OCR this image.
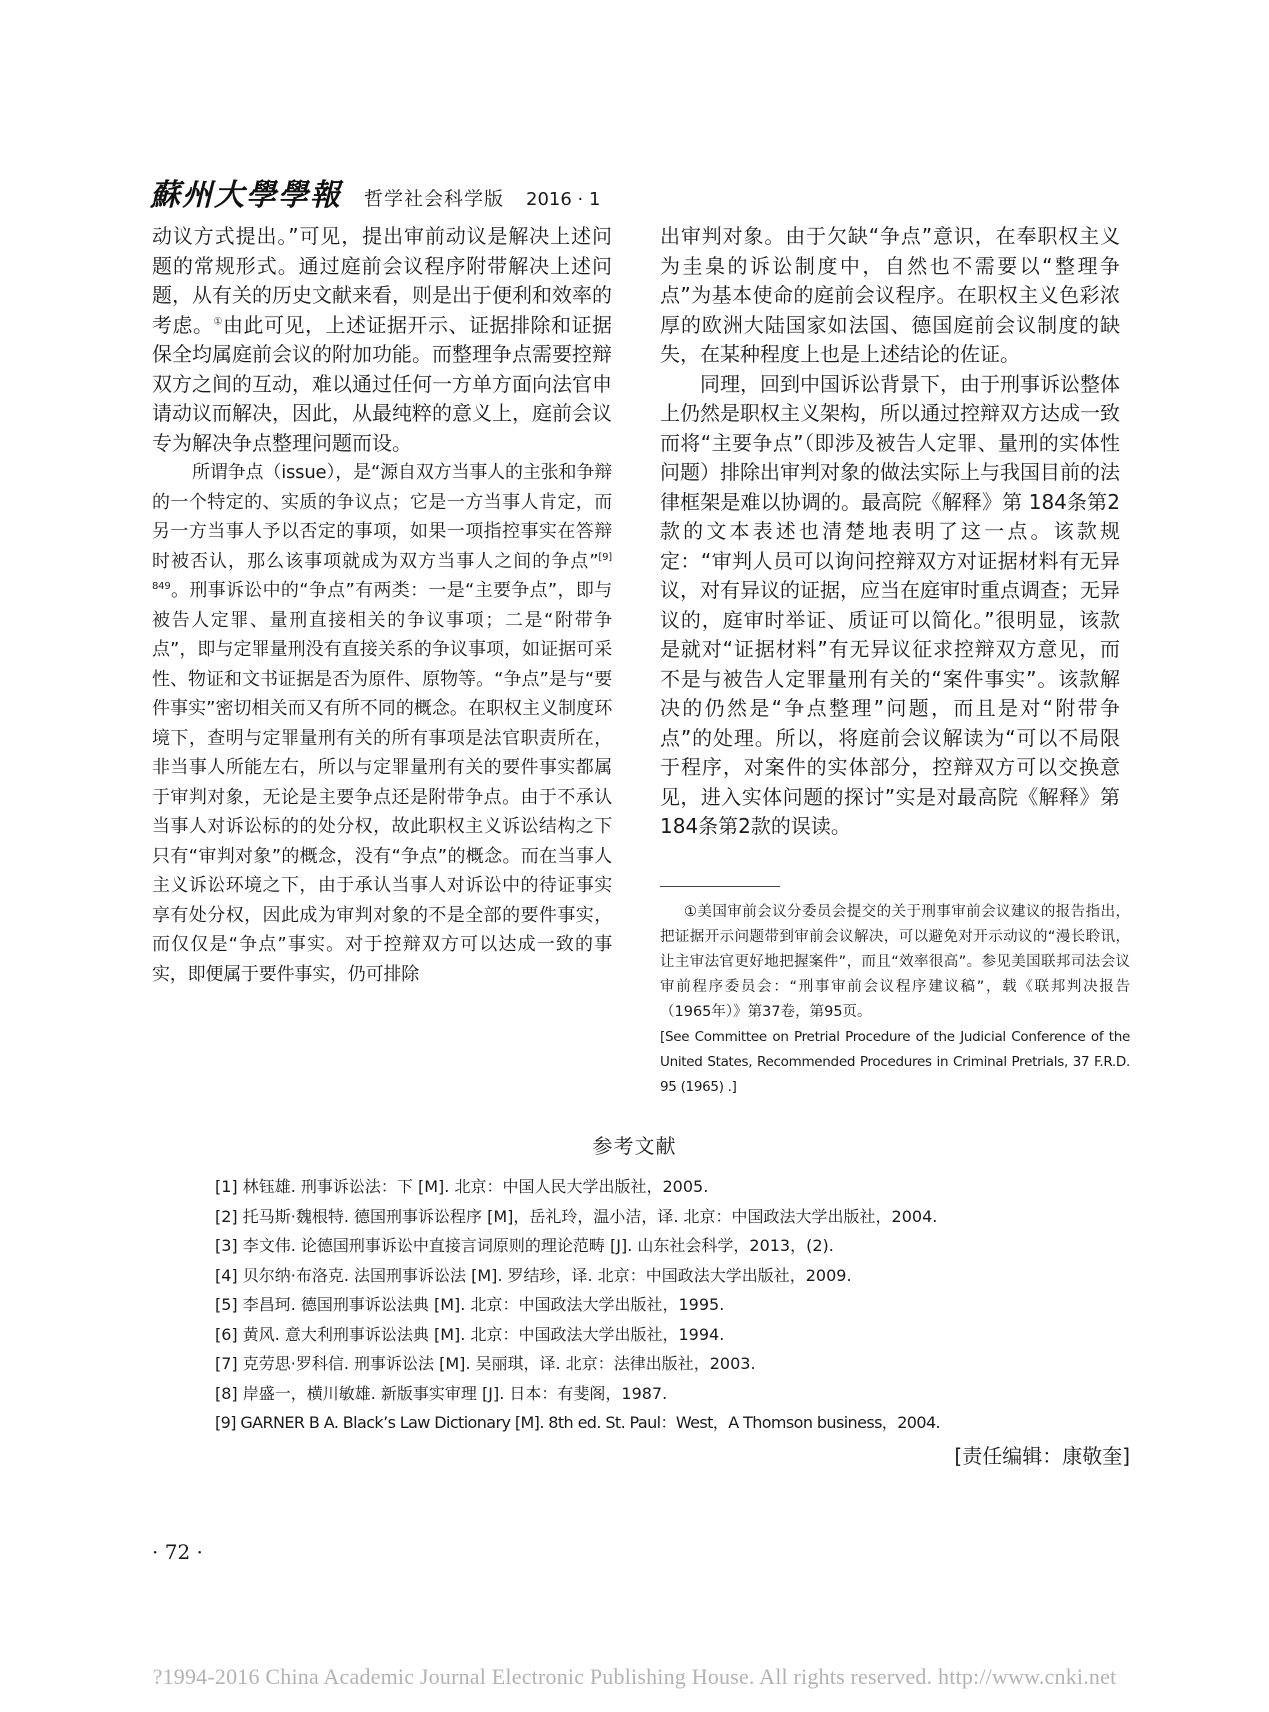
蘇州大學學報 哲学社会科学版 2016 · 1

动议方式提出。”可见，提出审前动议是解决上述问题的常规形式。通过庭前会议程序附带解决上述问题，从有关的历史文献来看，则是出于便利和效率的考虑。①由此可见，上述证据开示、证据排除和证据保全均属庭前会议的附加功能。而整理争点需要控辩双方之间的互动，难以通过任何一方单方面向法官申请动议而解决，因此，从最纯粹的意义上，庭前会议专为解决争点整理问题而设。

所谓争点（issue），是“源自双方当事人的主张和争辩的一个特定的、实质的争议点；它是一方当事人肯定，而另一方当事人予以否定的事项，如果一项指控事实在答辩时被否认，那么该事项就成为双方当事人之间的争点”$^{[9] 849}$。刑事诉讼中的“争点”有两类：一是“主要争点”，即与被告人定罪、量刑直接相关的争议事项；二是“附带争点”，即与定罪量刑没有直接关系的争议事项，如证据可采性、物证和文书证据是否为原件、原物等。“争点”是与“要件事实”密切相关而又有所不同的概念。在职权主义制度环境下，查明与定罪量刑有关的所有事项是法官职责所在，非当事人所能左右，所以与定罪量刑有关的要件事实都属于审判对象，无论是主要争点还是附带争点。由于不承认当事人对诉讼标的的处分权，故此职权主义诉讼结构之下只有“审判对象”的概念，没有“争点”的概念。而在当事人主义诉讼环境之下，由于承认当事人对诉讼中的待证事实享有处分权，因此成为审判对象的不是全部的要件事实，而仅仅是“争点”事实。对于控辩双方可以达成一致的事实，即便属于要件事实，仍可排除

出审判对象。由于欠缺“争点”意识，在奉职权主义为圭臬的诉讼制度中，自然也不需要以“整理争点”为基本使命的庭前会议程序。在职权主义色彩浓厚的欧洲大陆国家如法国、德国庭前会议制度的缺失，在某种程度上也是上述结论的佐证。

同理，回到中国诉讼背景下，由于刑事诉讼整体上仍然是职权主义架构，所以通过控辩双方达成一致而将“主要争点”（即涉及被告人定罪、量刑的实体性问题）排除出审判对象的做法实际上与我国目前的法律框架是难以协调的。最高院《解释》第 184条第2款的文本表述也清楚地表明了这一点。该款规定：“审判人员可以询问控辩双方对证据材料有无异议，对有异议的证据，应当在庭审时重点调查；无异议的，庭审时举证、质证可以简化。”很明显，该款是就对“证据材料”有无异议征求控辩双方意见，而不是与被告人定罪量刑有关的“案件事实”。该款解决的仍然是“争点整理”问题，而且是对“附带争点”的处理。所以，将庭前会议解读为“可以不局限于程序，对案件的实体部分，控辩双方可以交换意见，进入实体问题的探讨”实是对最高院《解释》第 184条第2款的误读。

①美国审前会议分委员会提交的关于刑事审前会议建议的报告指出，把证据开示问题带到审前会议解决，可以避免对开示动议的“漫长聆讯，让主审法官更好地把握案件”，而且“效率很高”。参见美国联邦司法会议审前程序委员会：“刑事审前会议程序建议稿”，载《联邦判决报告（1965年）》第37卷，第95页。

[See Committee on Pretrial Procedure of the Judicial Conference of the United States, Recommended Procedures in Criminal Pretrials, 37 F.R.D. 95 (1965) .]

参考文献
[1] 林钰雄. 刑事诉讼法：下 [M]. 北京：中国人民大学出版社，2005.
[2] 托马斯·魏根特. 德国刑事诉讼程序 [M]，岳礼玲，温小洁，译. 北京：中国政法大学出版社，2004.
[3] 李文伟. 论德国刑事诉讼中直接言词原则的理论范畴 [J]. 山东社会科学，2013，(2).
[4] 贝尔纳·布洛克. 法国刑事诉讼法 [M]. 罗结珍，译. 北京：中国政法大学出版社，2009.
[5] 李昌珂. 德国刑事诉讼法典 [M]. 北京：中国政法大学出版社，1995.
[6] 黄风. 意大利刑事诉讼法典 [M]. 北京：中国政法大学出版社，1994.
[7] 克劳思·罗科信. 刑事诉讼法 [M]. 吴丽琪，译. 北京：法律出版社，2003.
[8] 岸盛一，横川敏雄. 新版事实审理 [J]. 日本：有斐阁，1987.
[9] GARNER B A. Black’s Law Dictionary [M]. 8th ed. St. Paul：West，A Thomson business，2004.
[责任编辑：康敬奎]
· 72 ·
?1994-2016 China Academic Journal Electronic Publishing House. All rights reserved. http://www.cnki.net
